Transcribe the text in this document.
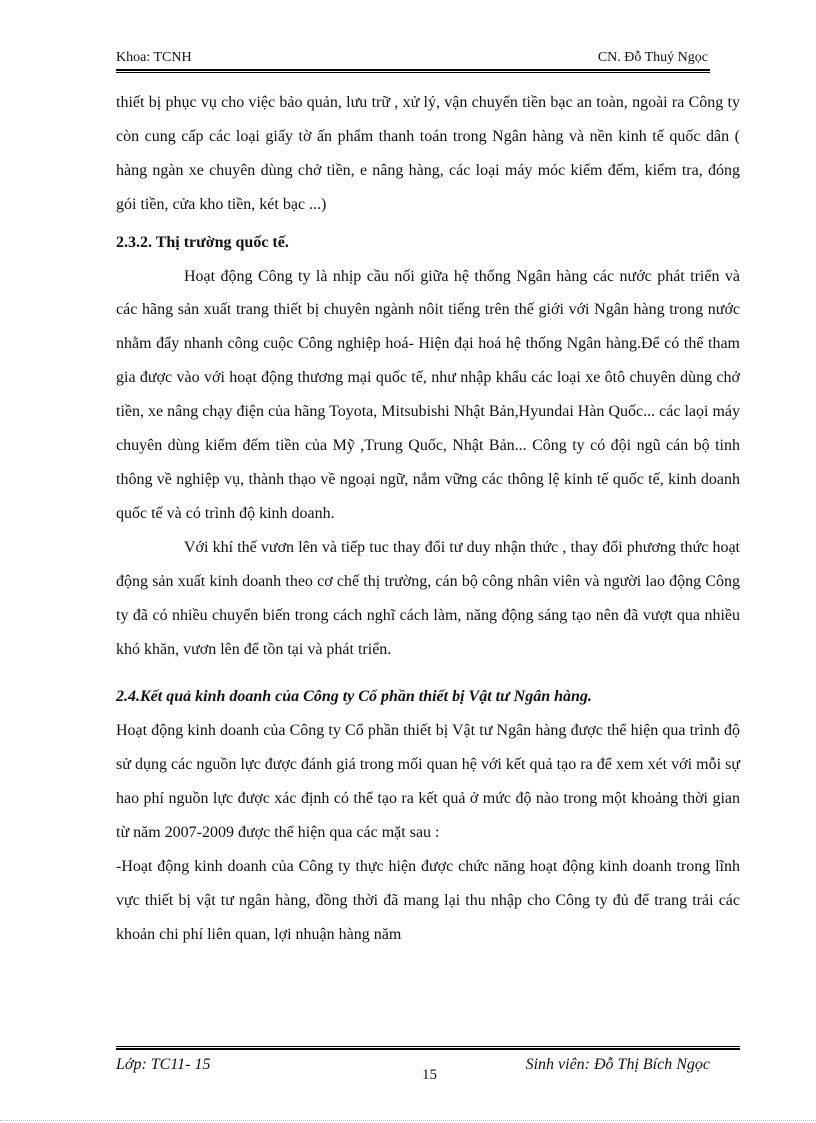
Khoa: TCNH	CN. Đỗ Thuý Ngọc

thiết bị phục vụ cho việc bảo quản, lưu trữ , xử lý, vận chuyển tiền bạc an toàn, ngoài ra Công ty còn cung cấp các loại giấy tờ ấn phẩm thanh toán trong Ngân hàng và nền kinh tế quốc dân ( hàng ngàn xe chuyên dùng chở tiền, e nâng hàng, các loại máy móc kiểm đếm, kiểm tra, đóng gói tiền, cửa kho tiền, két bạc ...)

2.3.2. Thị trường quốc tế.

Hoạt động Công ty là nhịp cầu nối giữa hệ thống Ngân hàng các nước phát triển và các hãng sản xuất trang thiết bị chuyên ngành nôit tiếng trên thế giới với Ngân hàng trong nước nhằm đẩy nhanh công cuộc Công nghiệp hoá- Hiện đại hoá hệ thống Ngân hàng.Để có thể tham gia được vào với hoạt động thương mại quốc tế, như nhập khẩu các loại xe ôtô chuyên dùng chở tiền, xe nâng chạy điện của hãng Toyota, Mitsubishi Nhật Bản,Hyundai Hàn Quốc... các laọi máy chuyên dùng kiểm đếm tiền của Mỹ ,Trung Quốc, Nhật Bản... Công ty có đội ngũ cán bộ tinh thông về nghiệp vụ, thành thạo về ngoại ngữ, nắm vững các thông lệ kinh tế quốc tế, kinh doanh quốc tế và có trình độ kinh doanh.

Với khí thế vươn lên và tiếp tuc thay đổi tư duy nhận thức , thay đổi phương thức hoạt động sản xuất kinh doanh theo cơ chế thị trường, cán bộ công nhân viên và người lao động Công ty đã có nhiều chuyển biến trong cách nghĩ cách làm, năng động sáng tạo nên đã vượt qua nhiều khó khăn, vươn lên để tồn tại và phát triển.

2.4.Kết quả kinh doanh của Công ty Cổ phần thiết bị Vật tư Ngân hàng.

Hoạt động kinh doanh của Công ty Cổ phần thiết bị Vật tư Ngân hàng được thể hiện qua trình độ sử dụng các nguồn lực được đánh giá trong mối quan hệ với kết quả tạo ra để xem xét với mỗi sự hao phí nguồn lực được xác định có thể tạo ra kết quả ở mức độ nào trong một khoảng thời gian từ năm 2007-2009 được thể hiện qua các mặt sau :

-Hoạt động kinh doanh của Công ty thực hiện được chức năng hoạt động kinh doanh trong lĩnh vực thiết bị vật tư ngân hàng, đồng thời đã mang lại thu nhập cho Công ty đủ để trang trải các khoản chi phí liên quan, lợi nhuận hàng năm

Lớp: TC11- 15
15
Sinh viên: Đỗ Thị Bích Ngọc
